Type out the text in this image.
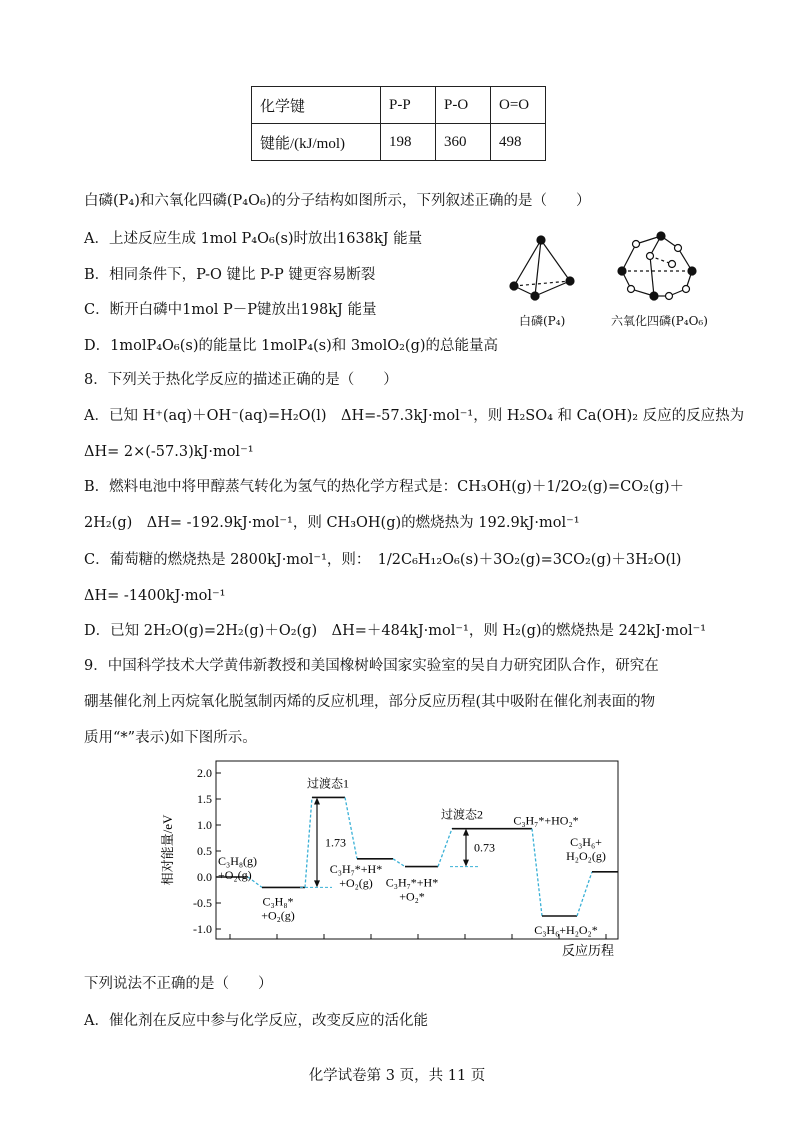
化学键	P-P	P-O	O=O
键能/(kJ/mol)	198	360	498
白磷(P₄)和六氧化四磷(P₄O₆)的分子结构如图所示，下列叙述正确的是（　　）
A．上述反应生成 1mol P₄O₆(s)时放出1638kJ 能量
B．相同条件下，P-O 键比 P-P 键更容易断裂
C．断开白磷中1mol P－P键放出198kJ 能量
D．1molP₄O₆(s)的能量比 1molP₄(s)和 3molO₂(g)的总能量高
白磷(P₄)	六氧化四磷(P₄O₆)
8．下列关于热化学反应的描述正确的是（　　）
A．已知 H⁺(aq)＋OH⁻(aq)=H₂O(l)　ΔH=-57.3kJ·mol⁻¹，则 H₂SO₄ 和 Ca(OH)₂ 反应的反应热为
ΔH= 2×(-57.3)kJ·mol⁻¹
B．燃料电池中将甲醇蒸气转化为氢气的热化学方程式是：CH₃OH(g)＋1/2O₂(g)=CO₂(g)＋
2H₂(g)　ΔH= -192.9kJ·mol⁻¹，则 CH₃OH(g)的燃烧热为 192.9kJ·mol⁻¹
C．葡萄糖的燃烧热是 2800kJ·mol⁻¹，则：　1/2C₆H₁₂O₆(s)＋3O₂(g)=3CO₂(g)＋3H₂O(l)
ΔH= -1400kJ·mol⁻¹
D．已知 2H₂O(g)=2H₂(g)＋O₂(g)　ΔH=＋484kJ·mol⁻¹，则 H₂(g)的燃烧热是 242kJ·mol⁻¹
9．中国科学技术大学黄伟新教授和美国橡树岭国家实验室的吴自力研究团队合作，研究在
硼基催化剂上丙烷氧化脱氢制丙烯的反应机理，部分反应历程(其中吸附在催化剂表面的物
质用“*”表示)如下图所示。
2.0
1.5
1.0
0.5
0.0
-0.5
-1.0
C₃H₈(g) +O₂(g)
C₃H₈* +O₂(g)
过渡态1
C₃H₇*+H* +O₂(g)	C₃H₇*+H* +O₂*
过渡态2	C₃H₇*+HO₂*
C₃H₆+H₂O₂*
C₃H₆+ H₂O₂(g)
1.73	0.73
相对能量/eV
反应历程
下列说法不正确的是（　　）
A．催化剂在反应中参与化学反应，改变反应的活化能
化学试卷第 3 页，共 11 页
